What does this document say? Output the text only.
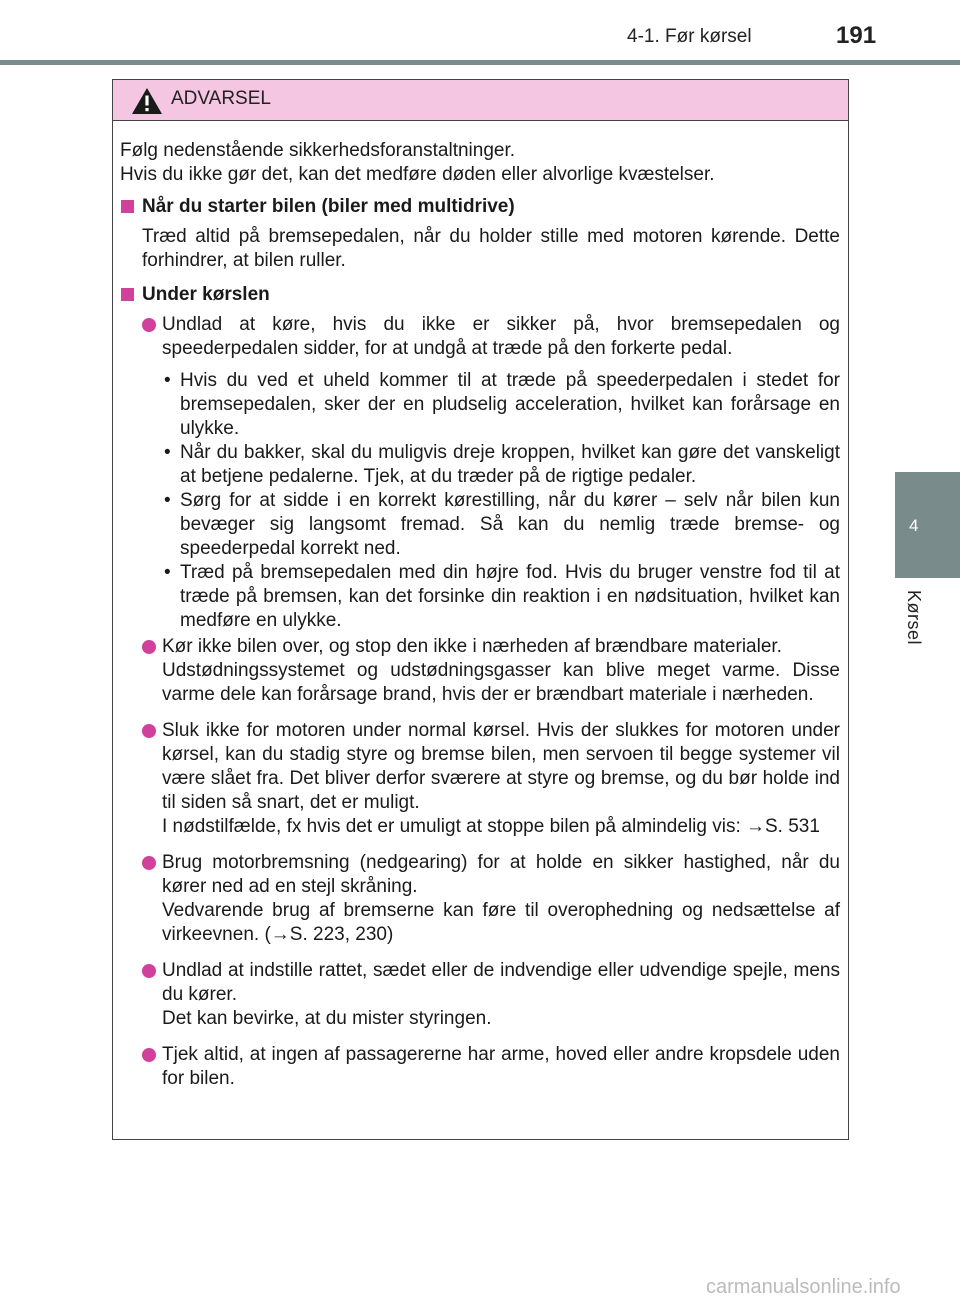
4-1. Før kørsel	191
4
Kørsel
ADVARSEL

Følg nedenstående sikkerhedsforanstaltninger.

Hvis du ikke gør det, kan det medføre døden eller alvorlige kvæstelser.

Når du starter bilen (biler med multidrive)

Træd altid på bremsepedalen, når du holder stille med motoren kørende. Dette forhindrer, at bilen ruller.

Under kørslen

Undlad at køre, hvis du ikke er sikker på, hvor bremsepedalen og speederpedalen sidder, for at undgå at træde på den forkerte pedal.

• Hvis du ved et uheld kommer til at træde på speederpedalen i stedet for bremsepedalen, sker der en pludselig acceleration, hvilket kan forårsage en ulykke.
• Når du bakker, skal du muligvis dreje kroppen, hvilket kan gøre det vanskeligt at betjene pedalerne. Tjek, at du træder på de rigtige pedaler.
• Sørg for at sidde i en korrekt kørestilling, når du kører – selv når bilen kun bevæger sig langsomt fremad. Så kan du nemlig træde bremse- og speederpedal korrekt ned.
• Træd på bremsepedalen med din højre fod. Hvis du bruger venstre fod til at træde på bremsen, kan det forsinke din reaktion i en nødsituation, hvilket kan medføre en ulykke.

Kør ikke bilen over, og stop den ikke i nærheden af brændbare materialer.

Udstødningssystemet og udstødningsgasser kan blive meget varme. Disse varme dele kan forårsage brand, hvis der er brændbart materiale i nærheden.

Sluk ikke for motoren under normal kørsel. Hvis der slukkes for motoren under kørsel, kan du stadig styre og bremse bilen, men servoen til begge systemer vil være slået fra. Det bliver derfor sværere at styre og bremse, og du bør holde ind til siden så snart, det er muligt.

I nødstilfælde, fx hvis det er umuligt at stoppe bilen på almindelig vis: →S. 531

Brug motorbremsning (nedgearing) for at holde en sikker hastighed, når du kører ned ad en stejl skråning.

Vedvarende brug af bremserne kan føre til overophedning og nedsættelse af virkeevnen. (→S. 223, 230)

Undlad at indstille rattet, sædet eller de indvendige eller udvendige spejle, mens du kører.

Det kan bevirke, at du mister styringen.

Tjek altid, at ingen af passagererne har arme, hoved eller andre kropsdele uden for bilen.

carmanualsonline.info
